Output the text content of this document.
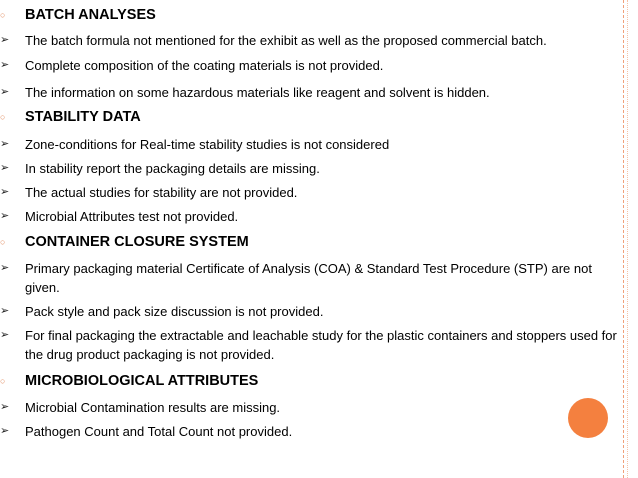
○	BATCH ANALYSES
➢ The batch formula not mentioned for the exhibit as well as the proposed commercial batch.
➢ Complete composition of the coating materials is not provided.
➢ The information on some hazardous materials like reagent and solvent is hidden.
○	STABILITY DATA
➢ Zone-conditions for Real-time stability studies is not considered
➢ In stability report the packaging details are missing.
➢ The actual studies for stability are not provided.
➢ Microbial Attributes test not provided.
○	CONTAINER CLOSURE SYSTEM
➢ Primary packaging material Certificate of Analysis (COA) & Standard Test Procedure (STP) are not given.
➢ Pack style and pack size discussion is not provided.
➢ For final packaging the extractable and leachable study for the plastic containers and stoppers used for the drug product packaging is not provided.
○	MICROBIOLOGICAL ATTRIBUTES
➢ Microbial Contamination results are missing.
➢ Pathogen Count and Total Count not provided.
